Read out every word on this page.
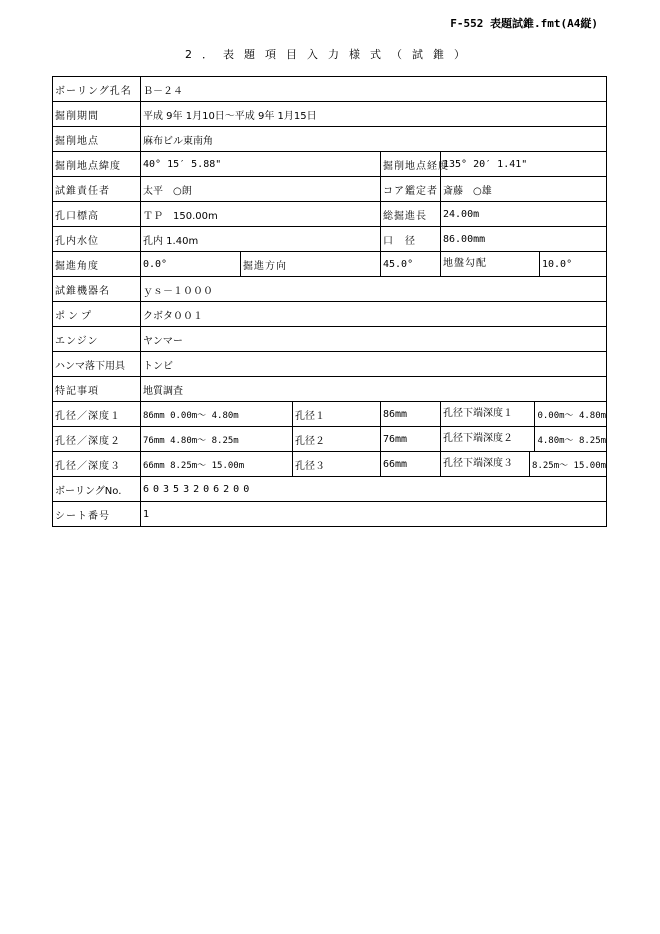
F-552 表題試錐.fmt(A4縦)
2．表題項目入力様式（試錐）
ボーリング孔名	Ｂ－２４				
掘削期間	平成 9年 1月10日～平成 9年 1月15日				
掘削地点	麻布ビル東南角				
掘削地点緯度	40° 15′ 5.88"			掘削地点経度	135° 20′ 1.41"
試錐責任者	太平　○朗			コア鑑定者	斎藤　○雄
孔口標高	ＴＰ　150.00m			総掘進長	24.00m
孔内水位	孔内 1.40m			口　径	86.00mm
掘進角度	0.0°	掘進方向		45.0°	地盤勾配 10.0°

試錐機器名	ｙｓ－１０００				
ポンプ	クボタ００１				
エンジン	ヤンマー				
ハンマ落下用具	トンビ				
特記事項	地質調査				
孔径／深度１	86mm 0.00m～ 4.80m		孔径１	86mm	孔径下端深度１ 0.00m～ 4.80m

孔径／深度２	76mm 4.80m～ 8.25m		孔径２	76mm	孔径下端深度２ 4.80m～ 8.25m

孔径／深度３	66mm 8.25m～ 15.00m		孔径３	66mm	孔径下端深度３ 8.25m～ 15.00m

ボーリングNo.	60353206200				
シート番号	1				
